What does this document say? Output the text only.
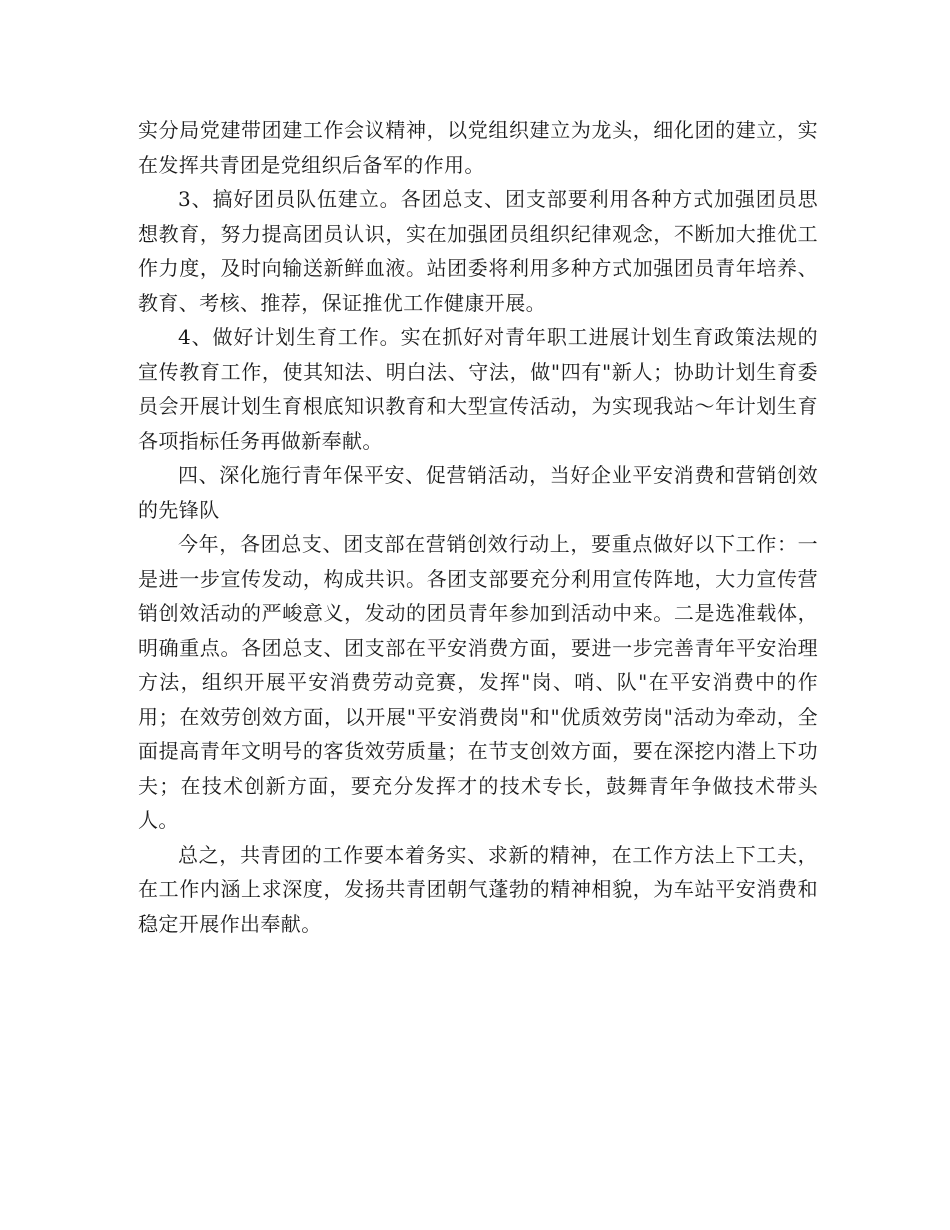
实分局党建带团建工作会议精神，以党组织建立为龙头，细化团的建立，实在发挥共青团是党组织后备军的作用。

3、搞好团员队伍建立。各团总支、团支部要利用各种方式加强团员思想教育，努力提高团员认识，实在加强团员组织纪律观念，不断加大推优工作力度，及时向输送新鲜血液。站团委将利用多种方式加强团员青年培养、教育、考核、推荐，保证推优工作健康开展。

4、做好计划生育工作。实在抓好对青年职工进展计划生育政策法规的宣传教育工作，使其知法、明白法、守法，做"四有"新人；协助计划生育委员会开展计划生育根底知识教育和大型宣传活动，为实现我站～年计划生育各项指标任务再做新奉献。

四、深化施行青年保平安、促营销活动，当好企业平安消费和营销创效的先锋队

今年，各团总支、团支部在营销创效行动上，要重点做好以下工作：一是进一步宣传发动，构成共识。各团支部要充分利用宣传阵地，大力宣传营销创效活动的严峻意义，发动的团员青年参加到活动中来。二是选准载体，明确重点。各团总支、团支部在平安消费方面，要进一步完善青年平安治理方法，组织开展平安消费劳动竞赛，发挥"岗、哨、队"在平安消费中的作用；在效劳创效方面，以开展"平安消费岗"和"优质效劳岗"活动为牵动，全面提高青年文明号的客货效劳质量；在节支创效方面，要在深挖内潜上下功夫；在技术创新方面，要充分发挥才的技术专长，鼓舞青年争做技术带头人。

总之，共青团的工作要本着务实、求新的精神，在工作方法上下工夫，在工作内涵上求深度，发扬共青团朝气蓬勃的精神相貌，为车站平安消费和稳定开展作出奉献。
